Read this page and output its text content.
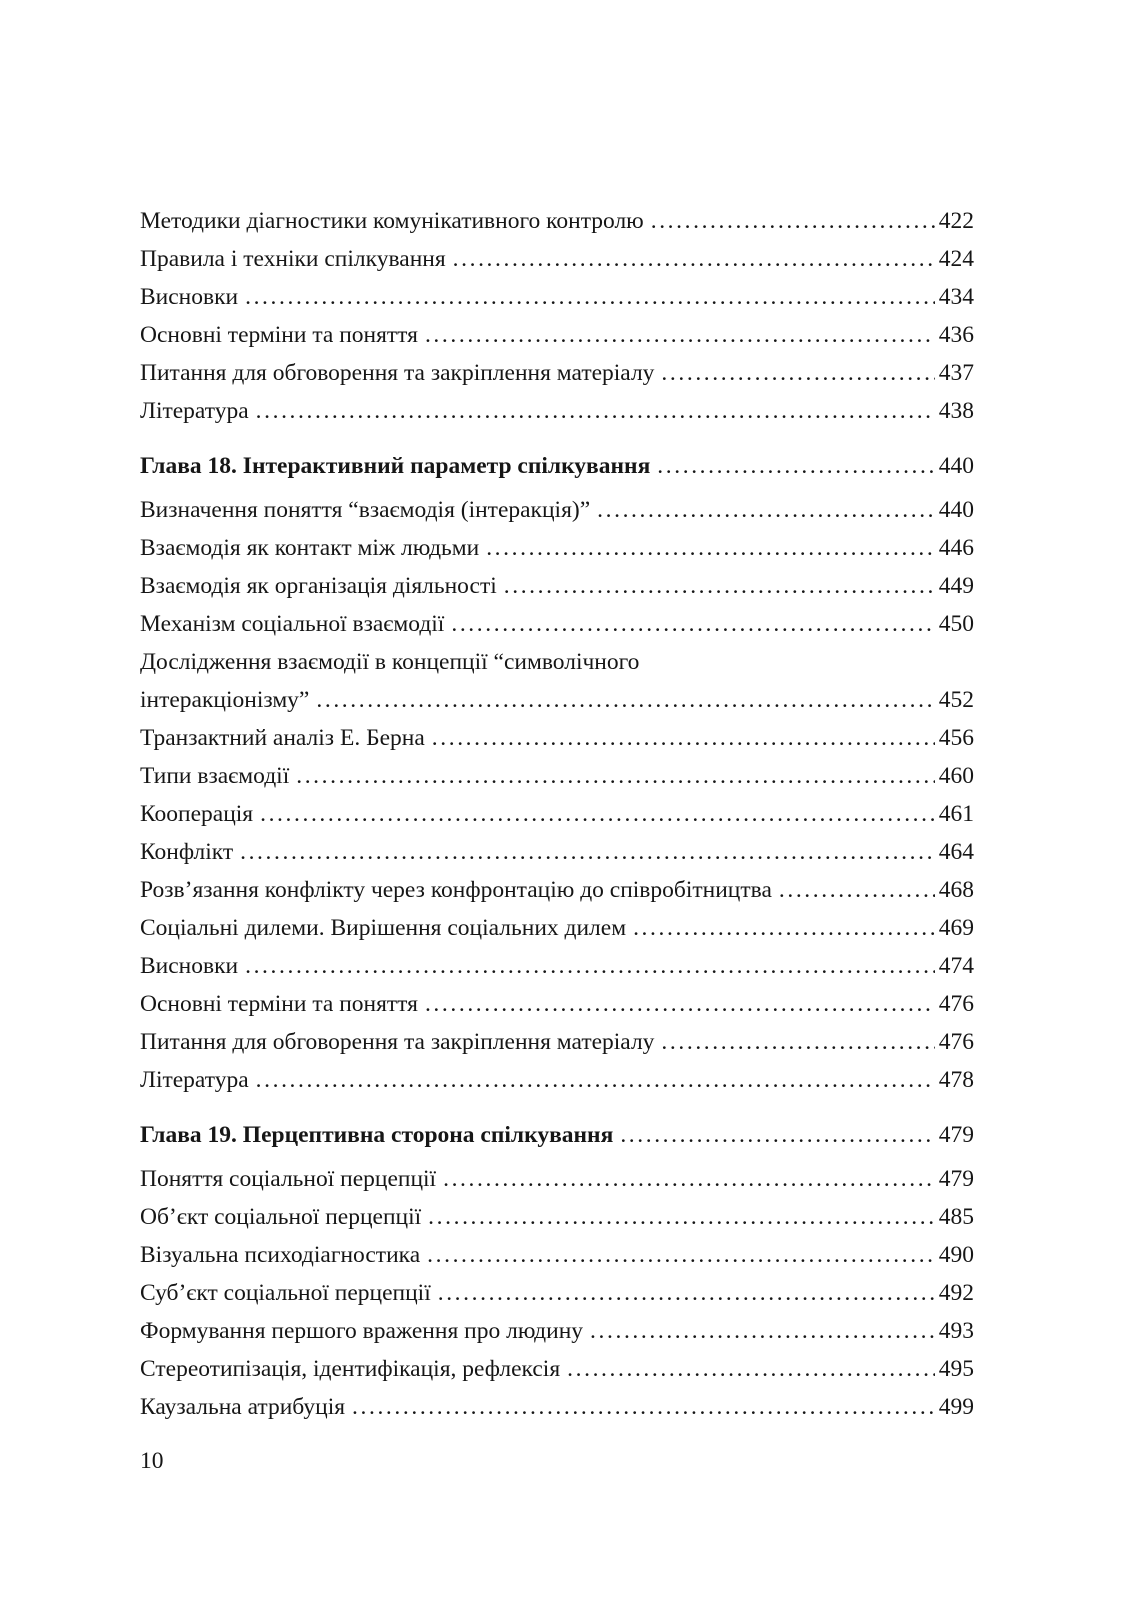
Методики діагностики комунікативного контролю .....	422
Правила і техніки спілкування .....	424
Висновки .....	434
Основні терміни та поняття .....	436
Питання для обговорення та закріплення матеріалу .....	437
Література .....	438
Глава 18. Інтерактивний параметр спілкування .....	440
Визначення поняття “взаємодія (інтеракція)” .....	440
Взаємодія як контакт між людьми .....	446
Взаємодія як організація діяльності .....	449
Механізм соціальної взаємодії .....	450
Дослідження взаємодії в концепції “символічного
інтеракціонізму” .....	452
Транзактний аналіз Е. Берна .....	456
Типи взаємодії .....	460
Кооперація .....	461
Конфлікт .....	464
Розв’язання конфлікту через конфронтацію до співробітництва .....	468
Соціальні дилеми. Вирішення соціальних дилем .....	469
Висновки .....	474
Основні терміни та поняття .....	476
Питання для обговорення та закріплення матеріалу .....	476
Література .....	478
Глава 19. Перцептивна сторона спілкування .....	479
Поняття соціальної перцепції .....	479
Об’єкт соціальної перцепції .....	485
Візуальна психодіагностика .....	490
Суб’єкт соціальної перцепції .....	492
Формування першого враження про людину .....	493
Стереотипізація, ідентифікація, рефлексія .....	495
Каузальна атрибуція .....	499
10
